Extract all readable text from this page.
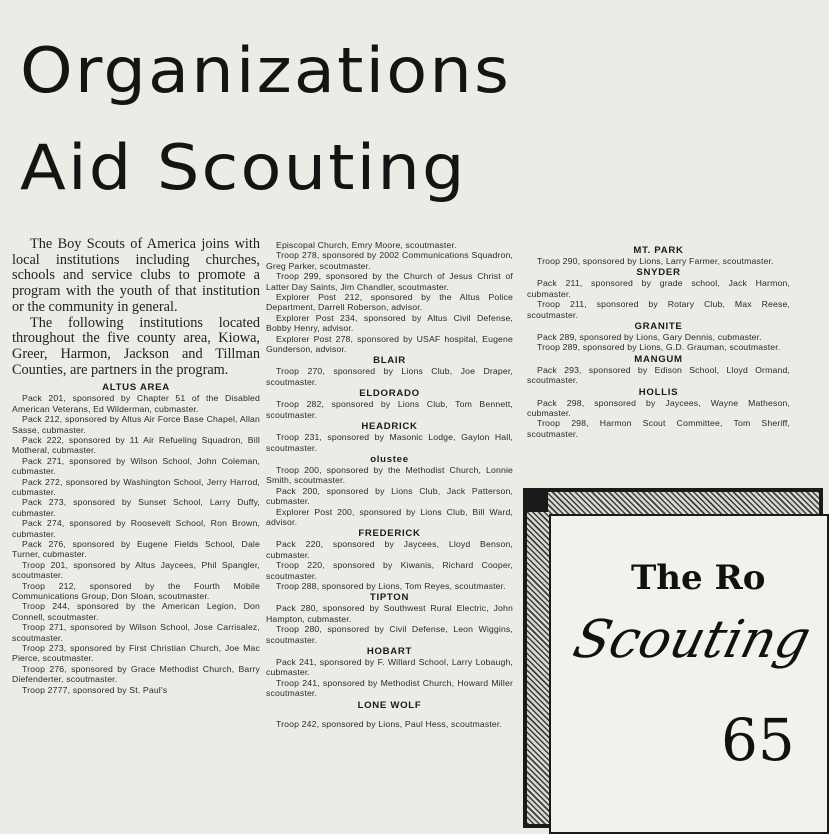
Organizations
Aid Scouting

The Boy Scouts of America joins with local institutions including churches, schools and service clubs to promote a program with the youth of that institution or the community in general.

The following institutions located throughout the five county area, Kiowa, Greer, Harmon, Jackson and Tillman Counties, are partners in the program.

ALTUS AREA

Pack 201, sponsored by Chapter 51 of the Disabled American Veterans, Ed Wilderman, cubmaster.

Pack 212, sponsored by Altus Air Force Base Chapel, Allan Sasse, cubmaster.

Pack 222, sponsored by 11 Air Refueling Squadron, Bill Motheral, cubmaster.

Pack 271, sponsored by Wilson School, John Coleman, cubmaster.

Pack 272, sponsored by Washington School, Jerry Harrod, cubmaster.

Pack 273, sponsored by Sunset School, Larry Duffy, cubmaster.

Pack 274, sponsored by Roosevelt School, Ron Brown, cubmaster.

Pack 276, sponsored by Eugene Fields School, Dale Turner, cubmaster.

Troop 201, sponsored by Altus Jaycees, Phil Spangler, scoutmaster.

Troop 212, sponsored by the Fourth Mobile Communications Group, Don Sloan, scoutmaster.

Troop 244, sponsored by the American Legion, Don Connell, scoutmaster.

Troop 271, sponsored by Wilson School, Jose Carrisalez, scoutmaster.

Troop 273, sponsored by First Christian Church, Joe Mac Pierce, scoutmaster.

Troop 276, sponsored by Grace Methodist Church, Barry Diefenderter, scoutmaster.

Troop 2777, sponsored by St. Paul's

Episcopal Church, Emry Moore, scoutmaster.

Troop 278, sponsored by 2002 Communications Squadron, Greg Parker, scoutmaster.

Troop 299, sponsored by the Church of Jesus Christ of Latter Day Saints, Jim Chandler, scoutmaster.

Explorer Post 212, sponsored by the Altus Police Department, Darrell Roberson, advisor.

Explorer Post 234, sponsored by Altus Civil Defense, Bobby Henry, advisor.

Explorer Post 278, sponsored by USAF hospital, Eugene Gunderson, advisor.

BLAIR

Troop 270, sponsored by Lions Club, Joe Draper, scoutmaster.

ELDORADO

Troop 282, sponsored by Lions Club, Tom Bennett, scoutmaster.

HEADRICK

Troop 231, sponsored by Masonic Lodge, Gaylon Hall, scoutmaster.

olustee

Troop 200, sponsored by the Methodist Church, Lonnie Smith, scoutmaster.

Pack 200, sponsored by Lions Club, Jack Patterson, cubmaster.

Explorer Post 200, sponsored by Lions Club, Bill Ward, advisor.

FREDERICK

Pack 220, sponsored by Jaycees, Lloyd Benson, cubmaster.

Troop 220, sponsored by Kiwanis, Richard Cooper, scoutmaster.

Troop 288, sponsored by Lions, Tom Reyes, scoutmaster.

TIPTON

Pack 280, sponsored by Southwest Rural Electric, John Hampton, cubmaster.

Troop 280, sponsored by Civil Defense, Leon Wiggins, scoutmaster.

HOBART

Pack 241, sponsored by F. Willard School, Larry Lobaugh, cubmaster.

Troop 241, sponsored by Methodist Church, Howard Miller scoutmaster.

LONE WOLF

Troop 242, sponsored by Lions, Paul Hess, scoutmaster.

MT. PARK

Troop 290, sponsored by Lions, Larry Farmer, scoutmaster.

SNYDER

Pack 211, sponsored by grade school, Jack Harmon, cubmaster.

Troop 211, sponsored by Rotary Club, Max Reese, scoutmaster.

GRANITE

Pack 289, sponsored by Lions, Gary Dennis, cubmaster.

Troop 289, sponsored by Lions, G.D. Grauman, scoutmaster.

MANGUM

Pack 293, sponsored by Edison School, Lloyd Ormand, scoutmaster.

HOLLIS

Pack 298, sponsored by Jaycees, Wayne Matheson, cubmaster.

Troop 298, Harmon Scout Committee, Tom Sheriff, scoutmaster.

The Ro

Scouting

65
